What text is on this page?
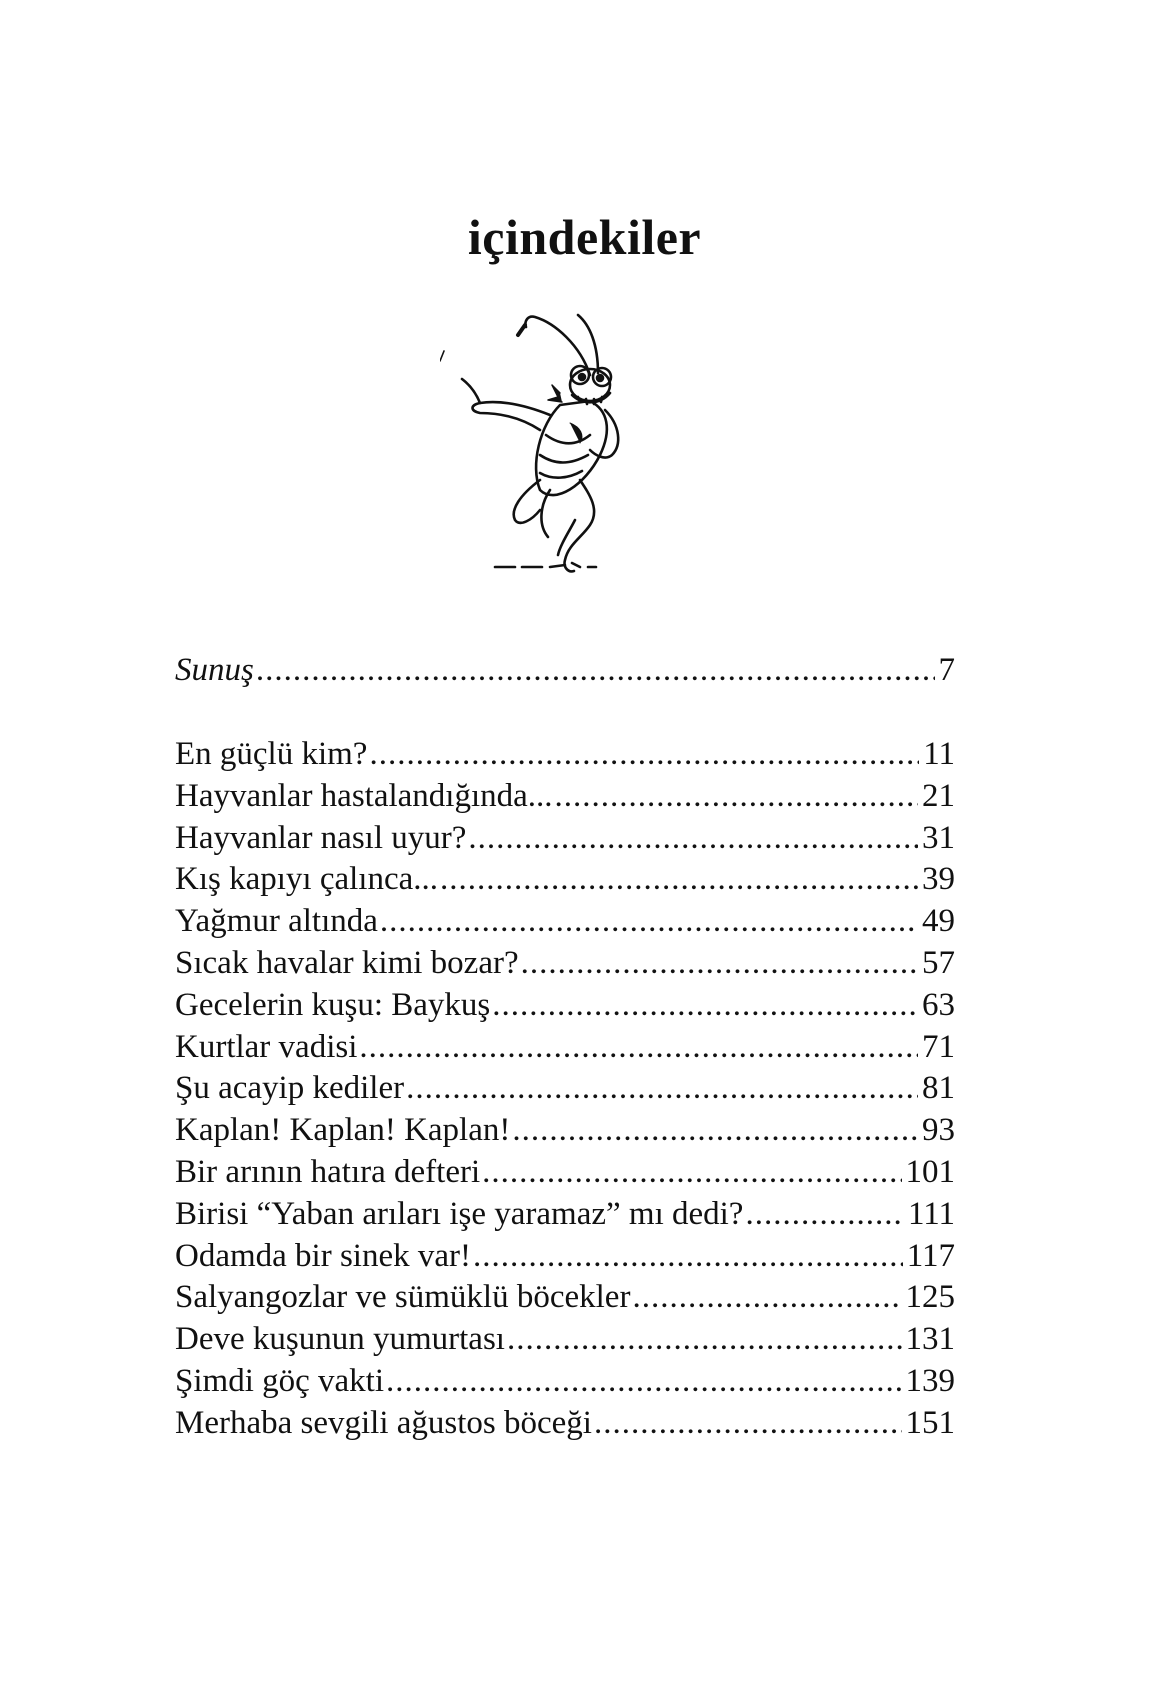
içindekiler
Sunuş .....	7
En güçlü kim? .....	11
Hayvanlar hastalandığında... .....	21
Hayvanlar nasıl uyur? .....	31
Kış kapıyı çalınca... .....	39
Yağmur altında .....	49
Sıcak havalar kimi bozar? .....	57
Gecelerin kuşu: Baykuş .....	63
Kurtlar vadisi .....	71
Şu acayip kediler .....	81
Kaplan! Kaplan! Kaplan! .....	93
Bir arının hatıra defteri .....	101
Birisi “Yaban arıları işe yaramaz” mı dedi? .....	111
Odamda bir sinek var! .....	117
Salyangozlar ve sümüklü böcekler .....	125
Deve kuşunun yumurtası .....	131
Şimdi göç vakti .....	139
Merhaba sevgili ağustos böceği .....	151
